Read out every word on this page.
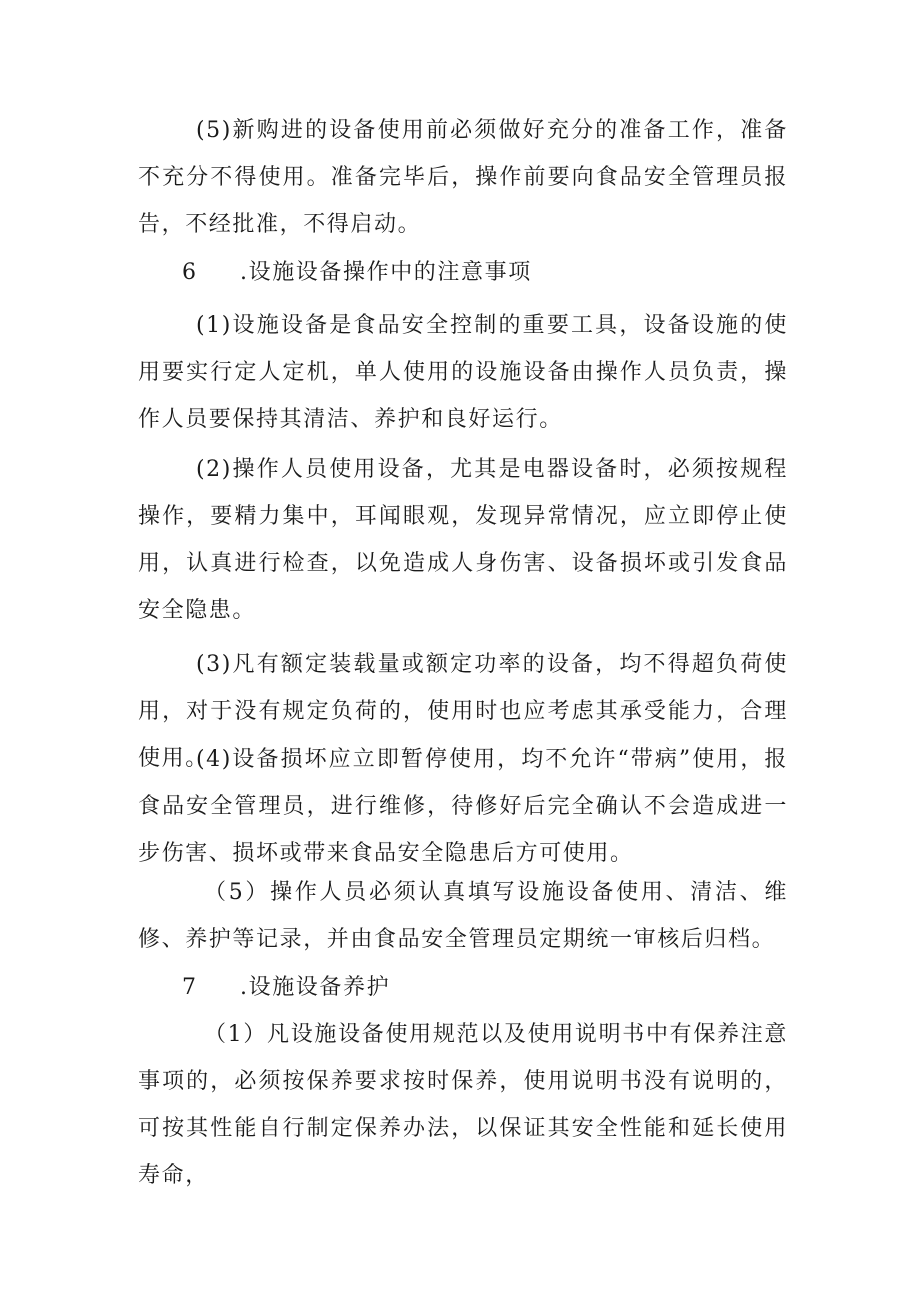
(5)新购进的设备使用前必须做好充分的准备工作，准备不充分不得使用。准备完毕后，操作前要向食品安全管理员报告，不经批准，不得启动。

6 .设施设备操作中的注意事项

(1)设施设备是食品安全控制的重要工具，设备设施的使用要实行定人定机，单人使用的设施设备由操作人员负责，操作人员要保持其清洁、养护和良好运行。

(2)操作人员使用设备，尤其是电器设备时，必须按规程操作，要精力集中，耳闻眼观，发现异常情况，应立即停止使用，认真进行检查，以免造成人身伤害、设备损坏或引发食品安全隐患。

(3)凡有额定装载量或额定功率的设备，均不得超负荷使用，对于没有规定负荷的，使用时也应考虑其承受能力，合理使用。

(4)设备损坏应立即暂停使用，均不允许“带病”使用，报食品安全管理员，进行维修，待修好后完全确认不会造成进一步伤害、损坏或带来食品安全隐患后方可使用。

（5）操作人员必须认真填写设施设备使用、清洁、维修、养护等记录，并由食品安全管理员定期统一审核后归档。

7 .设施设备养护

（1）凡设施设备使用规范以及使用说明书中有保养注意事项的，必须按保养要求按时保养，使用说明书没有说明的，可按其性能自行制定保养办法，以保证其安全性能和延长使用寿命，
